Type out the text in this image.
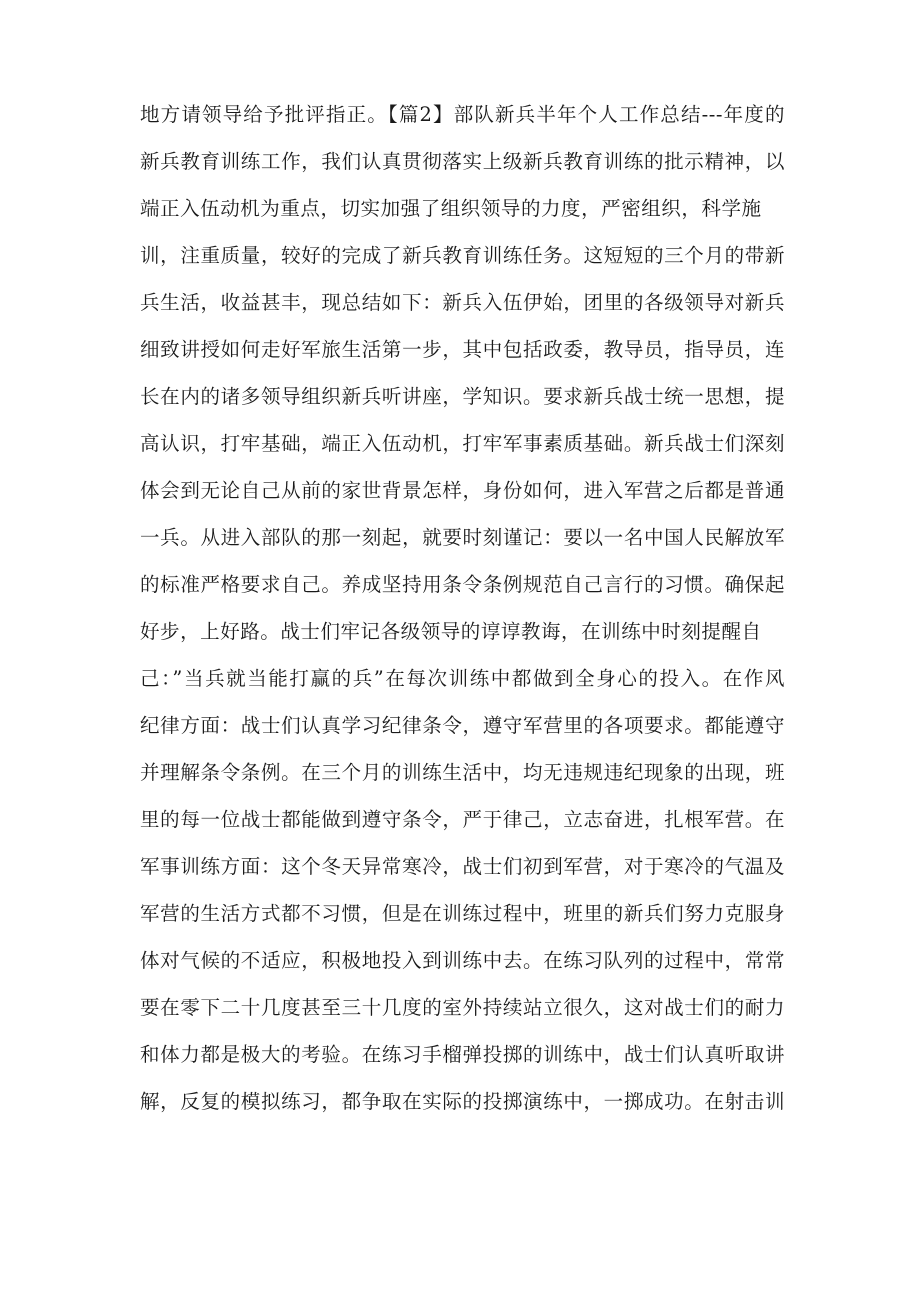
地方请领导给予批评指正。【篇2】部队新兵半年个人工作总结---年度的
新兵教育训练工作，我们认真贯彻落实上级新兵教育训练的批示精神，以
端正入伍动机为重点，切实加强了组织领导的力度，严密组织，科学施
训，注重质量，较好的完成了新兵教育训练任务。这短短的三个月的带新
兵生活，收益甚丰，现总结如下：新兵入伍伊始，团里的各级领导对新兵
细致讲授如何走好军旅生活第一步，其中包括政委，教导员，指导员，连
长在内的诸多领导组织新兵听讲座，学知识。要求新兵战士统一思想，提
高认识，打牢基础，端正入伍动机，打牢军事素质基础。新兵战士们深刻
体会到无论自己从前的家世背景怎样，身份如何，进入军营之后都是普通
一兵。从进入部队的那一刻起，就要时刻谨记：要以一名中国人民解放军
的标准严格要求自己。养成坚持用条令条例规范自己言行的习惯。确保起
好步，上好路。战士们牢记各级领导的谆谆教诲，在训练中时刻提醒自
己：”当兵就当能打赢的兵”在每次训练中都做到全身心的投入。在作风
纪律方面：战士们认真学习纪律条令，遵守军营里的各项要求。都能遵守
并理解条令条例。在三个月的训练生活中，均无违规违纪现象的出现，班
里的每一位战士都能做到遵守条令，严于律己，立志奋进，扎根军营。在
军事训练方面：这个冬天异常寒冷，战士们初到军营，对于寒冷的气温及
军营的生活方式都不习惯，但是在训练过程中，班里的新兵们努力克服身
体对气候的不适应，积极地投入到训练中去。在练习队列的过程中，常常
要在零下二十几度甚至三十几度的室外持续站立很久，这对战士们的耐力
和体力都是极大的考验。在练习手榴弹投掷的训练中，战士们认真听取讲
解，反复的模拟练习，都争取在实际的投掷演练中，一掷成功。在射击训
